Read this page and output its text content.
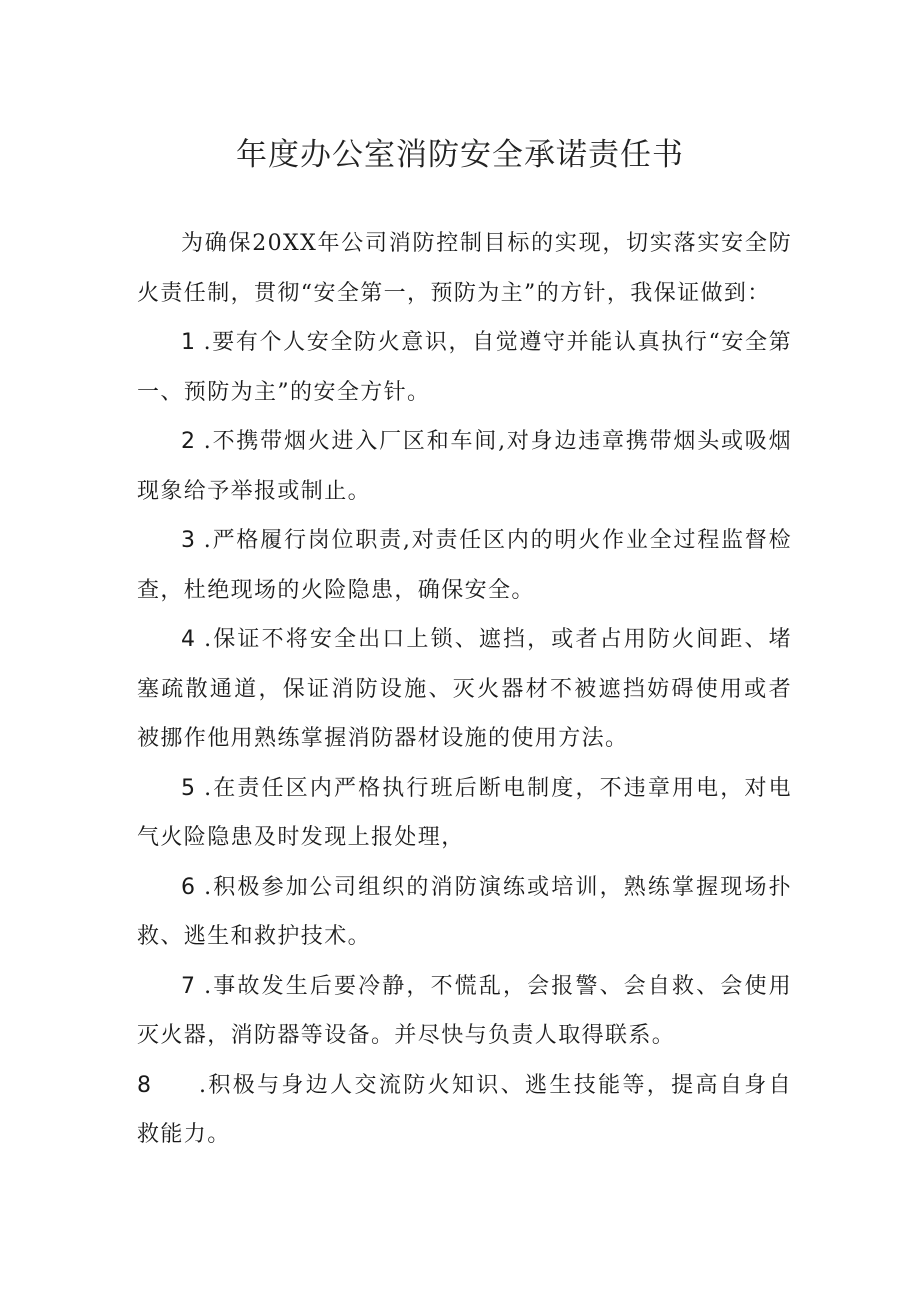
年度办公室消防安全承诺责任书

为确保20XX年公司消防控制目标的实现，切实落实安全防火责任制，贯彻“安全第一，预防为主”的方针，我保证做到：

1 .要有个人安全防火意识，自觉遵守并能认真执行“安全第一、预防为主”的安全方针。

2 .不携带烟火进入厂区和车间,对身边违章携带烟头或吸烟现象给予举报或制止。

3 .严格履行岗位职责,对责任区内的明火作业全过程监督检查，杜绝现场的火险隐患，确保安全。

4 .保证不将安全出口上锁、遮挡，或者占用防火间距、堵塞疏散通道，保证消防设施、灭火器材不被遮挡妨碍使用或者被挪作他用熟练掌握消防器材设施的使用方法。

5 .在责任区内严格执行班后断电制度，不违章用电，对电气火险隐患及时发现上报处理，

6 .积极参加公司组织的消防演练或培训，熟练掌握现场扑救、逃生和救护技术。

7 .事故发生后要冷静，不慌乱，会报警、会自救、会使用灭火器，消防器等设备。并尽快与负责人取得联系。

8 .积极与身边人交流防火知识、逃生技能等，提高自身自救能力。
